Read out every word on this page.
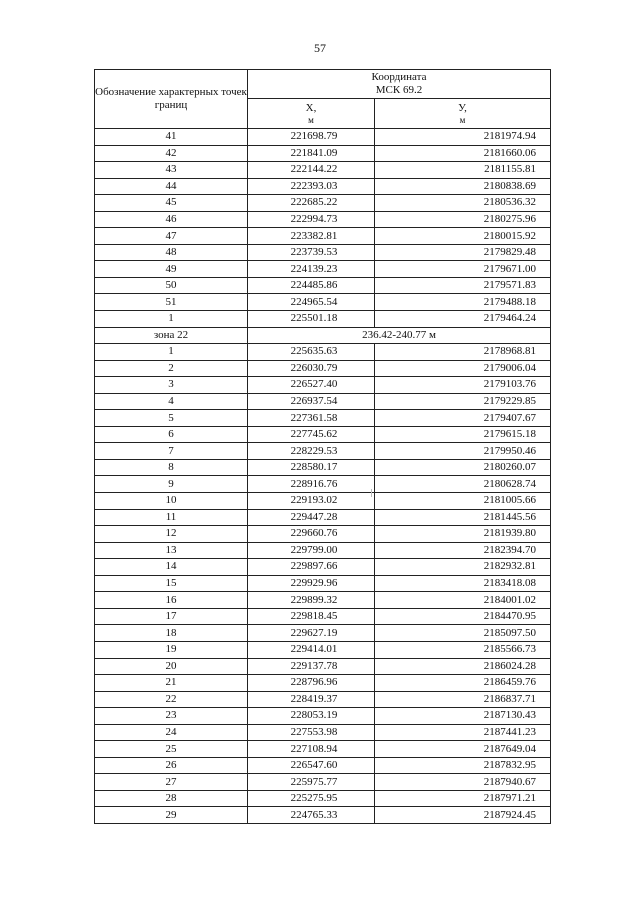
57
Обозначение характерных точек границ	Координата
МСК 69.2	

	X,
м	У,
м

41	221698.79	2181974.94
42	221841.09	2181660.06
43	222144.22	2181155.81
44	222393.03	2180838.69
45	222685.22	2180536.32
46	222994.73	2180275.96
47	223382.81	2180015.92
48	223739.53	2179829.48
49	224139.23	2179671.00
50	224485.86	2179571.83
51	224965.54	2179488.18
1	225501.18	2179464.24
зона 22	236.42-240.77 м	
1	225635.63	2178968.81
2	226030.79	2179006.04
3	226527.40	2179103.76
4	226937.54	2179229.85
5	227361.58	2179407.67
6	227745.62	2179615.18
7	228229.53	2179950.46
8	228580.17	2180260.07
9	228916.76	2180628.74
10	229193.02	2181005.66
11	229447.28	2181445.56
12	229660.76	2181939.80
13	229799.00	2182394.70
14	229897.66	2182932.81
15	229929.96	2183418.08
16	229899.32	2184001.02
17	229818.45	2184470.95
18	229627.19	2185097.50
19	229414.01	2185566.73
20	229137.78	2186024.28
21	228796.96	2186459.76
22	228419.37	2186837.71
23	228053.19	2187130.43
24	227553.98	2187441.23
25	227108.94	2187649.04
26	226547.60	2187832.95
27	225975.77	2187940.67
28	225275.95	2187971.21
29	224765.33	2187924.45
